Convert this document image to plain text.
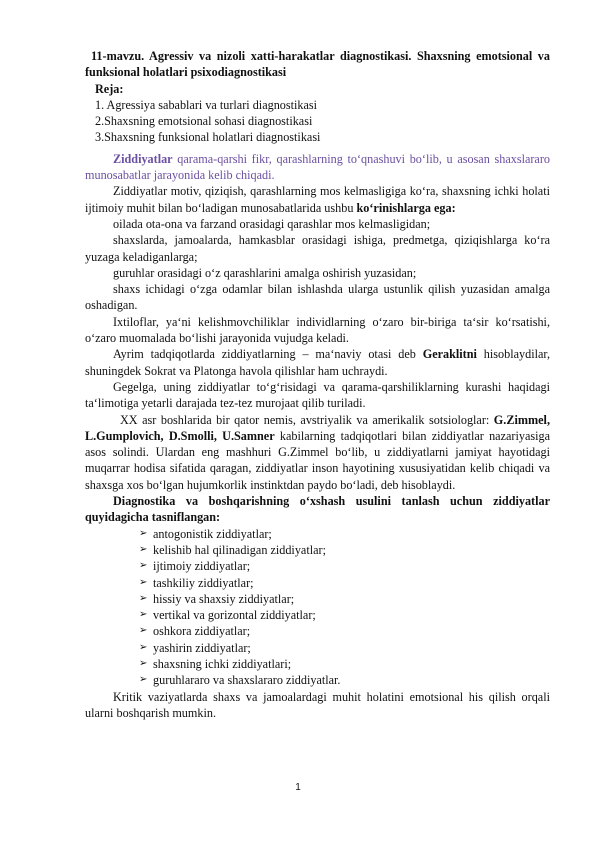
11-mavzu. Agressiv va nizoli xatti-harakatlar diagnostikasi. Shaxsning emotsional va funksional holatlari psixodiagnostikasi

Reja:

1. Agressiya sabablari va turlari diagnostikasi
2.Shaxsning emotsional sohasi diagnostikasi
3.Shaxsning funksional holatlari diagnostikasi

Ziddiyatlar qarama-qarshi fikr, qarashlarning to‘qnashuvi bo‘lib, u asosan shaxslararo munosabatlar jarayonida kelib chiqadi.

Ziddiyatlar motiv, qiziqish, qarashlarning mos kelmasligiga ko‘ra, shaxsning ichki holati ijtimoiy muhit bilan bo‘ladigan munosabatlarida ushbu ko‘rinishlarga ega:

oilada ota-ona va farzand orasidagi qarashlar mos kelmasligidan;

shaxslarda, jamoalarda, hamkasblar orasidagi ishiga, predmetga, qiziqishlarga ko‘ra yuzaga keladiganlarga;

guruhlar orasidagi o‘z qarashlarini amalga oshirish yuzasidan;

shaxs ichidagi o‘zga odamlar bilan ishlashda ularga ustunlik qilish yuzasidan amalga oshadigan.

Ixtiloflar, ya‘ni kelishmovchiliklar individlarning o‘zaro bir-biriga ta‘sir ko‘rsatishi, o‘zaro muomalada bo‘lishi jarayonida vujudga keladi.

Ayrim tadqiqotlarda ziddiyatlarning – ma‘naviy otasi deb Geraklitni hisoblaydilar, shuningdek Sokrat va Platonga havola qilishlar ham uchraydi.

Gegelga, uning ziddiyatlar to‘g‘risidagi va qarama-qarshiliklarning kurashi haqidagi ta‘limotiga yetarli darajada tez-tez murojaat qilib turiladi.

XX asr boshlarida bir qator nemis, avstriyalik va amerikalik sotsiologlar: G.Zimmel, L.Gumplovich, D.Smolli, U.Samner kabilarning tadqiqotlari bilan ziddiyatlar nazariyasiga asos solindi. Ulardan eng mashhuri G.Zimmel bo‘lib, u ziddiyatlarni jamiyat hayotidagi muqarrar hodisa sifatida qaragan, ziddiyatlar inson hayotining xususiyatidan kelib chiqadi va shaxsga xos bo‘lgan hujumkorlik instinktdan paydo bo‘ladi, deb hisoblaydi.

Diagnostika va boshqarishning o‘xshash usulini tanlash uchun ziddiyatlar quyidagicha tasniflangan:

➢ antogonistik ziddiyatlar;
➢ kelishib hal qilinadigan ziddiyatlar;
➢ ijtimoiy ziddiyatlar;
➢ tashkiliy ziddiyatlar;
➢ hissiy va shaxsiy ziddiyatlar;
➢ vertikal va gorizontal ziddiyatlar;
➢ oshkora ziddiyatlar;
➢ yashirin ziddiyatlar;
➢ shaxsning ichki ziddiyatlari;
➢ guruhlararo va shaxslararo ziddiyatlar.

Kritik vaziyatlarda shaxs va jamoalardagi muhit holatini emotsional his qilish orqali ularni boshqarish mumkin.

1
